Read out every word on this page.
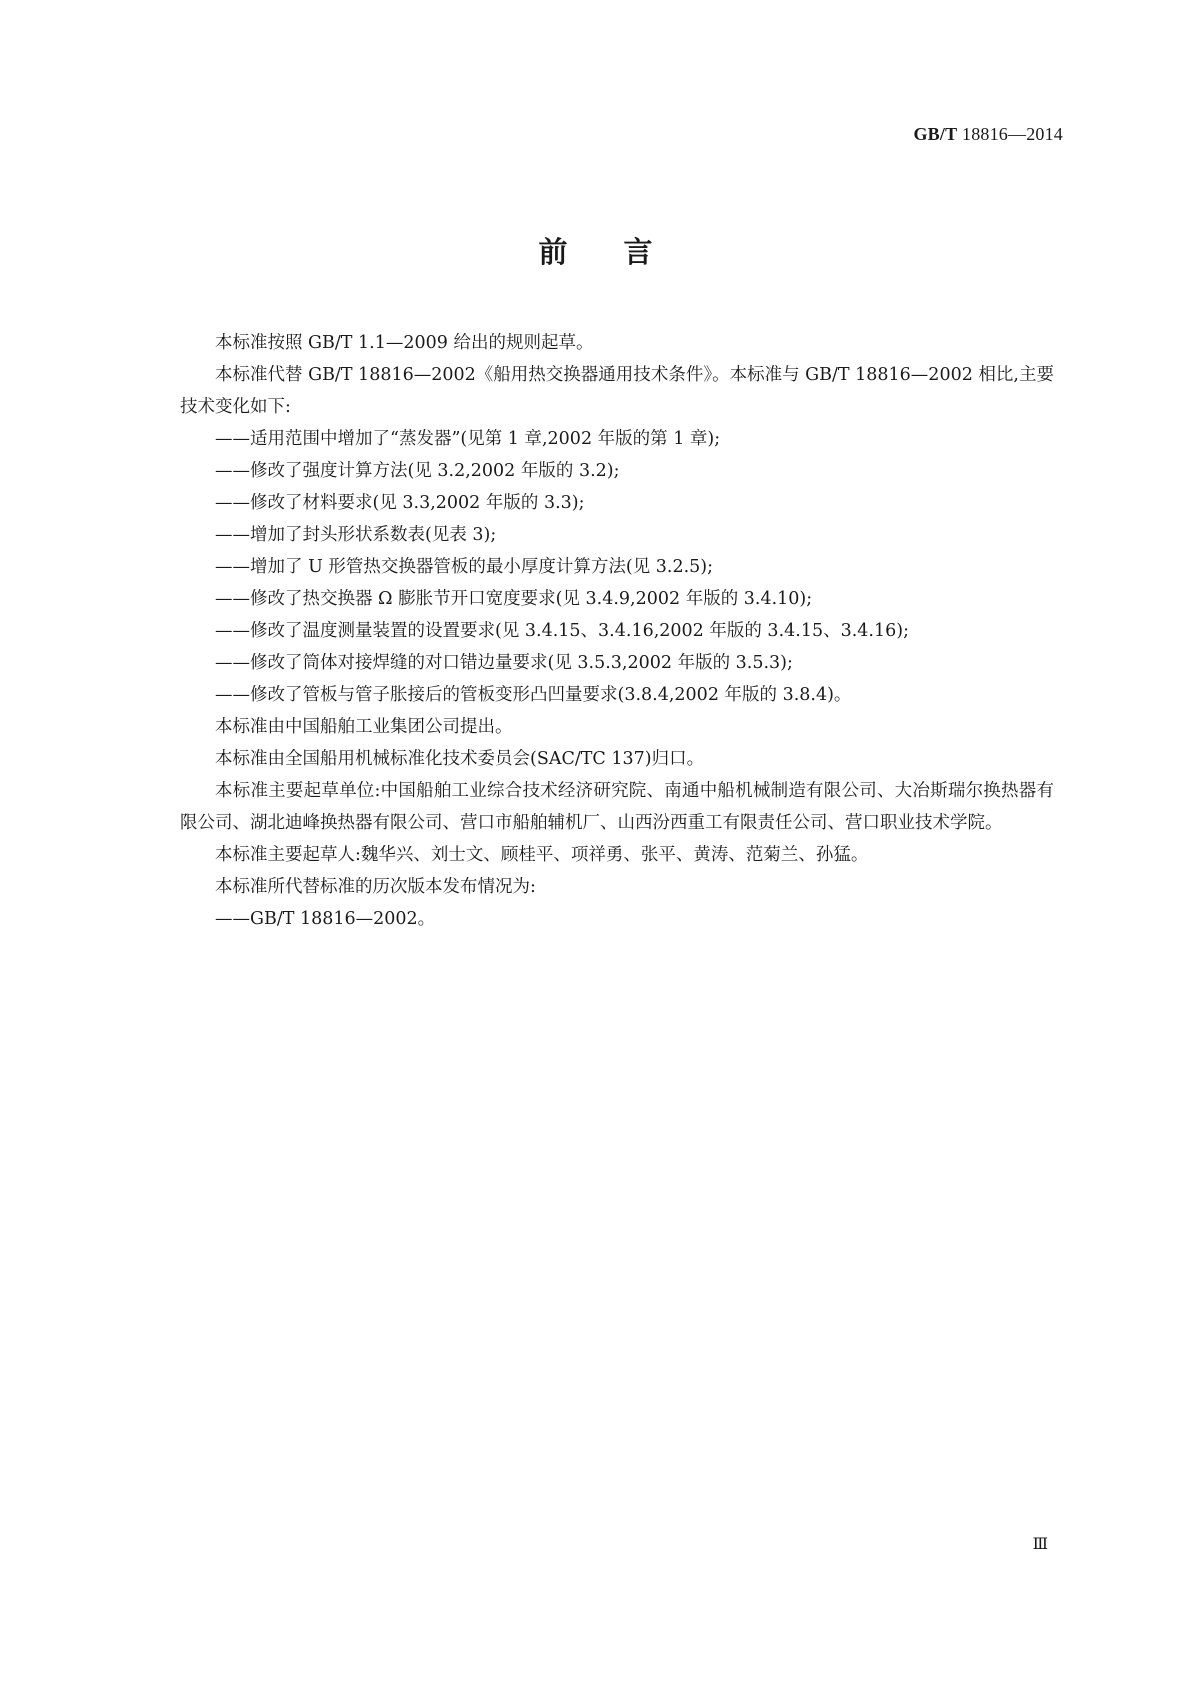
GB/T 18816—2014
前言

本标准按照 GB/T 1.1—2009 给出的规则起草。

本标准代替 GB/T 18816—2002《船用热交换器通用技术条件》。本标准与 GB/T 18816—2002 相比,主要技术变化如下:

——适用范围中增加了“蒸发器”(见第 1 章,2002 年版的第 1 章);

——修改了强度计算方法(见 3.2,2002 年版的 3.2);

——修改了材料要求(见 3.3,2002 年版的 3.3);

——增加了封头形状系数表(见表 3);

——增加了 U 形管热交换器管板的最小厚度计算方法(见 3.2.5);

——修改了热交换器 Ω 膨胀节开口宽度要求(见 3.4.9,2002 年版的 3.4.10);

——修改了温度测量装置的设置要求(见 3.4.15、3.4.16,2002 年版的 3.4.15、3.4.16);

——修改了筒体对接焊缝的对口错边量要求(见 3.5.3,2002 年版的 3.5.3);

——修改了管板与管子胀接后的管板变形凸凹量要求(3.8.4,2002 年版的 3.8.4)。

本标准由中国船舶工业集团公司提出。

本标准由全国船用机械标准化技术委员会(SAC/TC 137)归口。

本标准主要起草单位:中国船舶工业综合技术经济研究院、南通中船机械制造有限公司、大冶斯瑞尔换热器有限公司、湖北迪峰换热器有限公司、营口市船舶辅机厂、山西汾西重工有限责任公司、营口职业技术学院。

本标准主要起草人:魏华兴、刘士文、顾桂平、项祥勇、张平、黄涛、范菊兰、孙猛。

本标准所代替标准的历次版本发布情况为:

——GB/T 18816—2002。

Ⅲ
